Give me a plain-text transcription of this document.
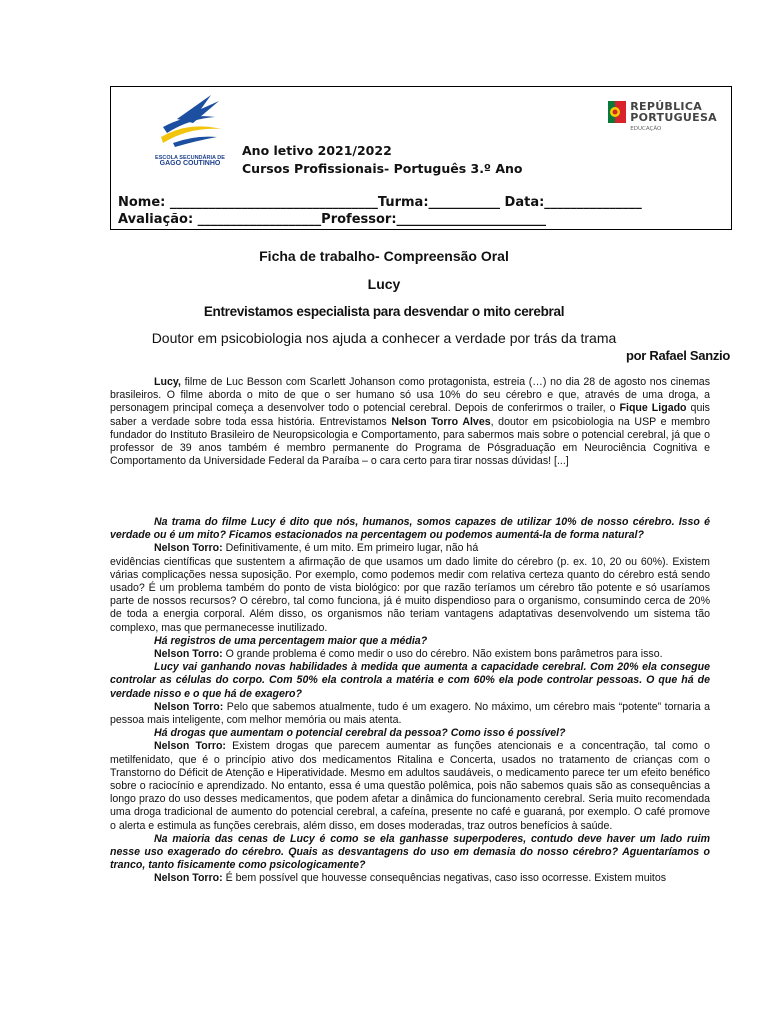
ESCOLA SECUNDÁRIA DE
GAGO COUTINHO
REPÚBLICA
PORTUGUESA
EDUCAÇÃO
Ano letivo 2021/2022
Cursos Profissionais- Português 3.º Ano
Nome: ________________________________Turma:___________ Data:_______________
Avaliação: ___________________Professor:_______________________
Ficha de trabalho- Compreensão Oral
Lucy
Entrevistamos especialista para desvendar o mito cerebral
Doutor em psicobiologia nos ajuda a conhecer a verdade por trás da trama
por Rafael Sanzio

Lucy, filme de Luc Besson com Scarlett Johanson como protagonista, estreia (…) no dia 28 de agosto nos cinemas brasileiros. O filme aborda o mito de que o ser humano só usa 10% do seu cérebro e que, através de uma droga, a personagem principal começa a desenvolver todo o potencial cerebral. Depois de conferirmos o trailer, o Fique Ligado quis saber a verdade sobre toda essa história. Entrevistamos Nelson Torro Alves, doutor em psicobiologia na USP e membro fundador do Instituto Brasileiro de Neuropsicologia e Comportamento, para sabermos mais sobre o potencial cerebral, já que o professor de 39 anos também é membro permanente do Programa de Pósgraduação em Neurociência Cognitiva e Comportamento da Universidade Federal da Paraíba – o cara certo para tirar nossas dúvidas! [...]

Na trama do filme Lucy é dito que nós, humanos, somos capazes de utilizar 10% de nosso cérebro. Isso é verdade ou é um mito? Ficamos estacionados na percentagem ou podemos aumentá-la de forma natural?

Nelson Torro: Definitivamente, é um mito. Em primeiro lugar, não há

evidências científicas que sustentem a afirmação de que usamos um dado limite do cérebro (p. ex. 10, 20 ou 60%). Existem várias complicações nessa suposição. Por exemplo, como podemos medir com relativa certeza quanto do cérebro está sendo usado? É um problema também do ponto de vista biológico: por que razão teríamos um cérebro tão potente e só usaríamos parte de nossos recursos? O cérebro, tal como funciona, já é muito dispendioso para o organismo, consumindo cerca de 20% de toda a energia corporal. Além disso, os organismos não teriam vantagens adaptativas desenvolvendo um sistema tão complexo, mas que permanecesse inutilizado.

Há registros de uma percentagem maior que a média?

Nelson Torro: O grande problema é como medir o uso do cérebro. Não existem bons parâmetros para isso.

Lucy vai ganhando novas habilidades à medida que aumenta a capacidade cerebral. Com 20% ela consegue controlar as células do corpo. Com 50% ela controla a matéria e com 60% ela pode controlar pessoas. O que há de verdade nisso e o que há de exagero?

Nelson Torro: Pelo que sabemos atualmente, tudo é um exagero. No máximo, um cérebro mais “potente” tornaria a pessoa mais inteligente, com melhor memória ou mais atenta.

Há drogas que aumentam o potencial cerebral da pessoa? Como isso é possível?

Nelson Torro: Existem drogas que parecem aumentar as funções atencionais e a concentração, tal como o metilfenidato, que é o princípio ativo dos medicamentos Ritalina e Concerta, usados no tratamento de crianças com o Transtorno do Déficit de Atenção e Hiperatividade. Mesmo em adultos saudáveis, o medicamento parece ter um efeito benéfico sobre o raciocínio e aprendizado. No entanto, essa é uma questão polêmica, pois não sabemos quais são as consequências a longo prazo do uso desses medicamentos, que podem afetar a dinâmica do funcionamento cerebral. Seria muito recomendada uma droga tradicional de aumento do potencial cerebral, a cafeína, presente no café e guaraná, por exemplo. O café promove o alerta e estimula as funções cerebrais, além disso, em doses moderadas, traz outros benefícios à saúde.

Na maioria das cenas de Lucy é como se ela ganhasse superpoderes, contudo deve haver um lado ruim nesse uso exagerado do cérebro. Quais as desvantagens do uso em demasia do nosso cérebro? Aguentaríamos o tranco, tanto fisicamente como psicologicamente?

Nelson Torro: É bem possível que houvesse consequências negativas, caso isso ocorresse. Existem muitos
